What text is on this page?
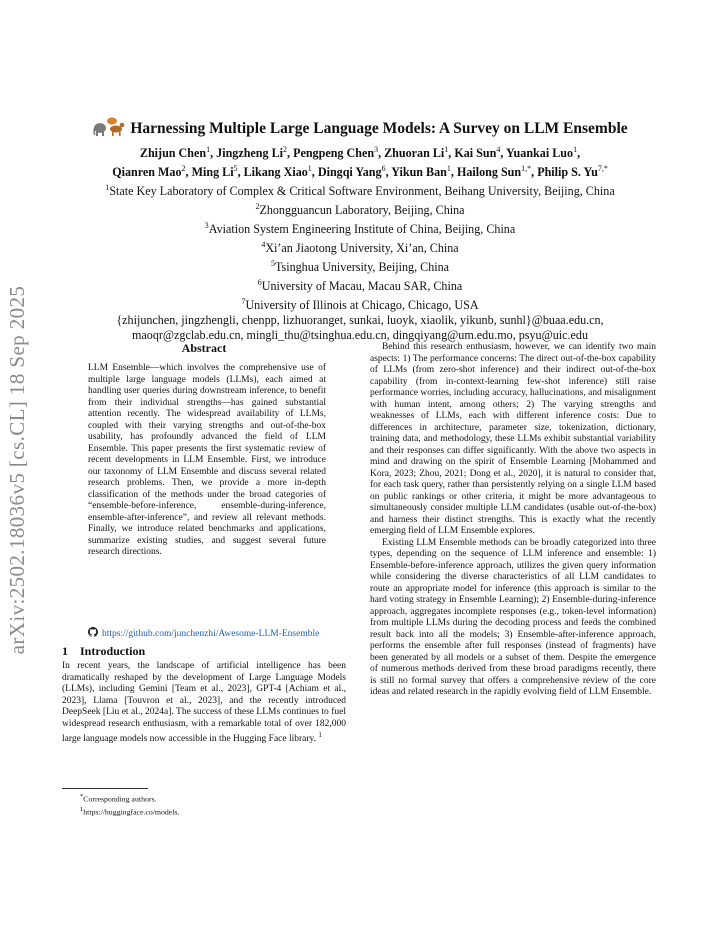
arXiv:2502.18036v5 [cs.CL] 18 Sep 2025
Harnessing Multiple Large Language Models: A Survey on LLM Ensemble
Zhijun Chen$^1$, Jingzheng Li$^2$, Pengpeng Chen$^3$, Zhuoran Li$^1$, Kai Sun$^4$, Yuankai Luo$^1$,
Qianren Mao$^2$, Ming Li$^5$, Likang Xiao$^1$, Dingqi Yang$^6$, Yikun Ban$^1$, Hailong Sun$^{1,*}$, Philip S. $Yu^{7,*}$
$^1$State Key Laboratory of Complex & Critical Software Environment, Beihang University, Beijing, China
$^2$Zhongguancun Laboratory, Beijing, China
$^3$Aviation System Engineering Institute of China, Beijing, China
$^4$Xi’an Jiaotong University, Xi’an, China
$^5$Tsinghua University, Beijing, China
$^6$University of Macau, Macau SAR, China
$^7$University of Illinois at Chicago, Chicago, USA
{zhijunchen, jingzhengli, chenpp, lizhuoranget, sunkai, luoyk, xiaolik, yikunb, sunhl}@buaa.edu.cn,
maoqr@zgclab.edu.cn, mingli_thu@tsinghua.edu.cn, dingqiyang@um.edu.mo, psyu@uic.edu
Abstract
LLM Ensemble—which involves the comprehensive use of multiple large language models (LLMs), each aimed at handling user queries during downstream inference, to benefit from their individual strengths—has gained substantial attention recently. The widespread availability of LLMs, coupled with their varying strengths and out-of-the-box usability, has profoundly advanced the field of LLM Ensemble. This paper presents the first systematic review of recent developments in LLM Ensemble. First, we introduce our taxonomy of LLM Ensemble and discuss several related research problems. Then, we provide a more in-depth classification of the methods under the broad categories of “ensemble-before-inference, ensemble-during-inference, ensemble-after-inference”, and review all relevant methods. Finally, we introduce related benchmarks and applications, summarize existing studies, and suggest several future research directions.
https://github.com/junchenzhi/Awesome-LLM-Ensemble
1 Introduction
In recent years, the landscape of artificial intelligence has been dramatically reshaped by the development of Large Language Models (LLMs), including Gemini [Team et al., 2023], GPT-4 [Achiam et al., 2023], Llama [Touvron et al., 2023], and the recently introduced DeepSeek [Liu et al., 2024a]. The success of these LLMs continues to fuel widespread research enthusiasm, with a remarkable total of over 182,000 large language models now accessible in the Hugging Face library. $^1$
*Corresponding authors.
$^1$https://huggingface.co/models.

Behind this research enthusiasm, however, we can identify two main aspects: 1) The performance concerns: The direct out-of-the-box capability of LLMs (from zero-shot inference) and their indirect out-of-the-box capability (from in-context-learning few-shot inference) still raise performance worries, including accuracy, hallucinations, and misalignment with human intent, among others; 2) The varying strengths and weaknesses of LLMs, each with different inference costs: Due to differences in architecture, parameter size, tokenization, dictionary, training data, and methodology, these LLMs exhibit substantial variability and their responses can differ significantly. With the above two aspects in mind and drawing on the spirit of Ensemble Learning [Mohammed and Kora, 2023; Zhou, 2021; Dong et al., 2020], it is natural to consider that, for each task query, rather than persistently relying on a single LLM based on public rankings or other criteria, it might be more advantageous to simultaneously consider multiple LLM candidates (usable out-of-the-box) and harness their distinct strengths. This is exactly what the recently emerging field of LLM Ensemble explores.

Existing LLM Ensemble methods can be broadly categorized into three types, depending on the sequence of LLM inference and ensemble: 1) Ensemble-before-inference approach, utilizes the given query information while considering the diverse characteristics of all LLM candidates to route an appropriate model for inference (this approach is similar to the hard voting strategy in Ensemble Learning); 2) Ensemble-during-inference approach, aggregates incomplete responses (e.g., token-level information) from multiple LLMs during the decoding process and feeds the combined result back into all the models; 3) Ensemble-after-inference approach, performs the ensemble after full responses (instead of fragments) have been generated by all models or a subset of them. Despite the emergence of numerous methods derived from these broad paradigms recently, there is still no formal survey that offers a comprehensive review of the core ideas and related research in the rapidly evolving field of LLM Ensemble.
